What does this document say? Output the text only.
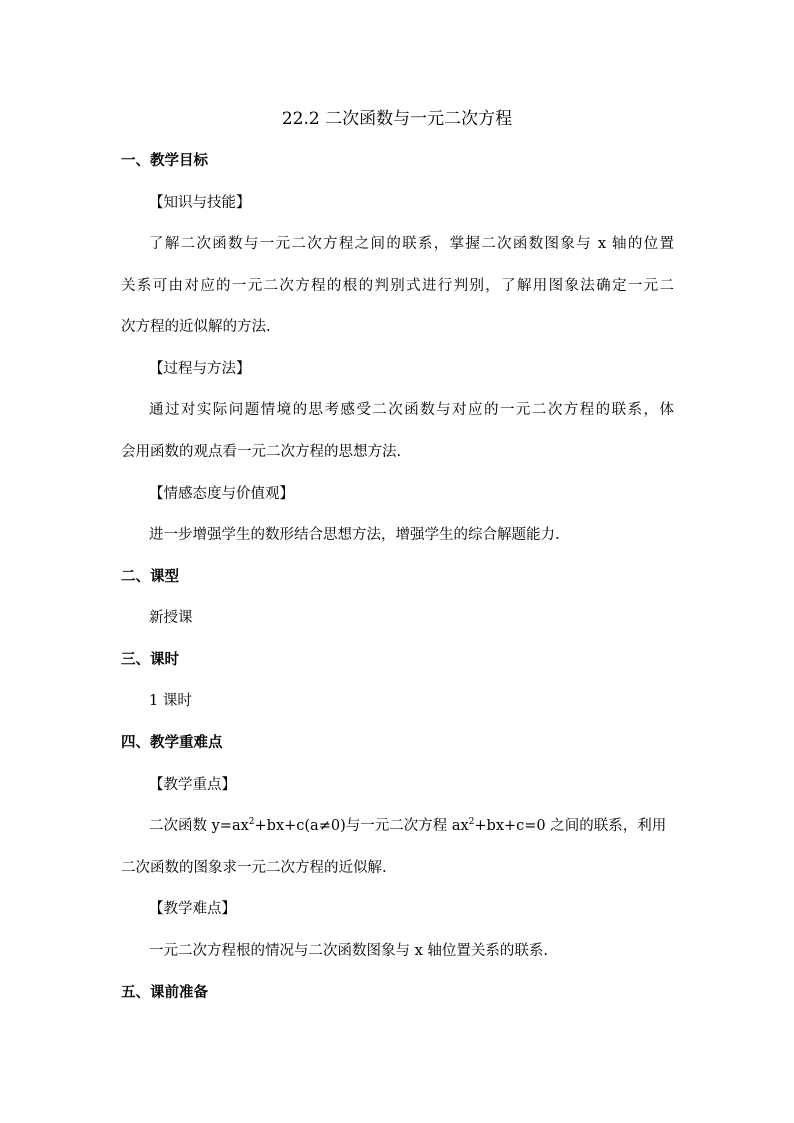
22.2 二次函数与一元二次方程
一、教学目标
【知识与技能】
了解二次函数与一元二次方程之间的联系，掌握二次函数图象与 x 轴的位置
关系可由对应的一元二次方程的根的判别式进行判别，了解用图象法确定一元二
次方程的近似解的方法.
【过程与方法】
通过对实际问题情境的思考感受二次函数与对应的一元二次方程的联系，体
会用函数的观点看一元二次方程的思想方法.
【情感态度与价值观】
进一步增强学生的数形结合思想方法，增强学生的综合解题能力.
二、课型
新授课
三、课时
1 课时
四、教学重难点
【教学重点】
二次函数 $y=ax^2+bx+c(a\ne 0)$与一元二次方程 $ax^2+bx+c=0$ 之间的联系，利用
二次函数的图象求一元二次方程的近似解.
【教学难点】
一元二次方程根的情况与二次函数图象与 x 轴位置关系的联系.
五、课前准备
